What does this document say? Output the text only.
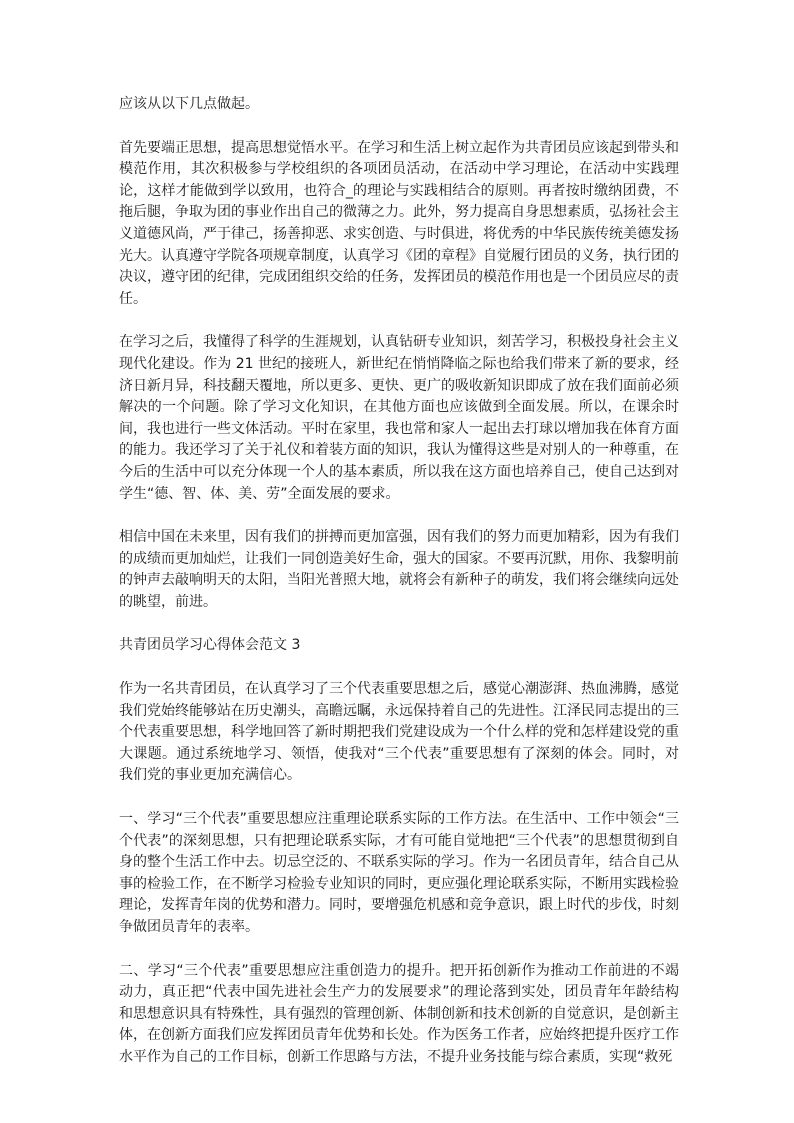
应该从以下几点做起。

首先要端正思想，提高思想觉悟水平。在学习和生活上树立起作为共青团员应该起到带头和模范作用，其次积极参与学校组织的各项团员活动，在活动中学习理论，在活动中实践理论，这样才能做到学以致用，也符合_的理论与实践相结合的原则。再者按时缴纳团费，不拖后腿，争取为团的事业作出自己的微薄之力。此外，努力提高自身思想素质，弘扬社会主义道德风尚，严于律己，扬善抑恶、求实创造、与时俱进，将优秀的中华民族传统美德发扬光大。认真遵守学院各项规章制度，认真学习《团的章程》自觉履行团员的义务，执行团的决议，遵守团的纪律，完成团组织交给的任务，发挥团员的模范作用也是一个团员应尽的责任。

在学习之后，我懂得了科学的生涯规划，认真钻研专业知识，刻苦学习，积极投身社会主义现代化建设。作为 21 世纪的接班人，新世纪在悄悄降临之际也给我们带来了新的要求，经济日新月异，科技翻天覆地，所以更多、更快、更广的吸收新知识即成了放在我们面前必须解决的一个问题。除了学习文化知识，在其他方面也应该做到全面发展。所以，在课余时间，我也进行一些文体活动。平时在家里，我也常和家人一起出去打球以增加我在体育方面的能力。我还学习了关于礼仪和着装方面的知识，我认为懂得这些是对别人的一种尊重，在今后的生活中可以充分体现一个人的基本素质，所以我在这方面也培养自己，使自己达到对学生“德、智、体、美、劳”全面发展的要求。

相信中国在未来里，因有我们的拼搏而更加富强，因有我们的努力而更加精彩，因为有我们的成绩而更加灿烂，让我们一同创造美好生命，强大的国家。不要再沉默，用你、我黎明前的钟声去敲响明天的太阳，当阳光普照大地，就将会有新种子的萌发，我们将会继续向远处的眺望，前进。

共青团员学习心得体会范文 3

作为一名共青团员，在认真学习了三个代表重要思想之后，感觉心潮澎湃、热血沸腾，感觉我们党始终能够站在历史潮头，高瞻远瞩，永远保持着自己的先进性。江泽民同志提出的三个代表重要思想，科学地回答了新时期把我们党建设成为一个什么样的党和怎样建设党的重大课题。通过系统地学习、领悟，使我对“三个代表”重要思想有了深刻的体会。同时，对我们党的事业更加充满信心。

一、学习“三个代表”重要思想应注重理论联系实际的工作方法。在生活中、工作中领会“三个代表”的深刻思想，只有把理论联系实际，才有可能自觉地把“三个代表”的思想贯彻到自身的整个生活工作中去。切忌空泛的、不联系实际的学习。作为一名团员青年，结合自己从事的检验工作，在不断学习检验专业知识的同时，更应强化理论联系实际，不断用实践检验理论，发挥青年岗的优势和潜力。同时，要增强危机感和竞争意识，跟上时代的步伐，时刻争做团员青年的表率。

二、学习“三个代表”重要思想应注重创造力的提升。把开拓创新作为推动工作前进的不竭动力，真正把“代表中国先进社会生产力的发展要求”的理论落到实处，团员青年年龄结构和思想意识具有特殊性，具有强烈的管理创新、体制创新和技术创新的自觉意识，是创新主体，在创新方面我们应发挥团员青年优势和长处。作为医务工作者，应始终把提升医疗工作水平作为自己的工作目标，创新工作思路与方法，不提升业务技能与综合素质，实现“救死
